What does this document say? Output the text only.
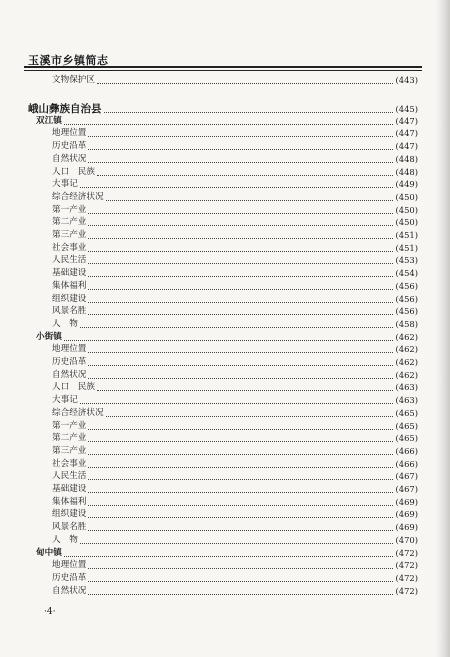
玉溪市乡镇简志
文物保护区	(443)
峨山彝族自治县	(445)
双江镇	(447)
地理位置	(447)
历史沿革	(447)
自然状况	(448)
人口　民族	(448)
大事记	(449)
综合经济状况	(450)
第一产业	(450)
第二产业	(450)
第三产业	(451)
社会事业	(451)
人民生活	(453)
基础建设	(454)
集体福利	(456)
组织建设	(456)
风景名胜	(456)
人　物	(458)
小街镇	(462)
地理位置	(462)
历史沿革	(462)
自然状况	(462)
人口　民族	(463)
大事记	(463)
综合经济状况	(465)
第一产业	(465)
第二产业	(465)
第三产业	(466)
社会事业	(466)
人民生活	(467)
基础建设	(467)
集体福利	(469)
组织建设	(469)
风景名胜	(469)
人　物	(470)
甸中镇	(472)
地理位置	(472)
历史沿革	(472)
自然状况	(472)
·4·
